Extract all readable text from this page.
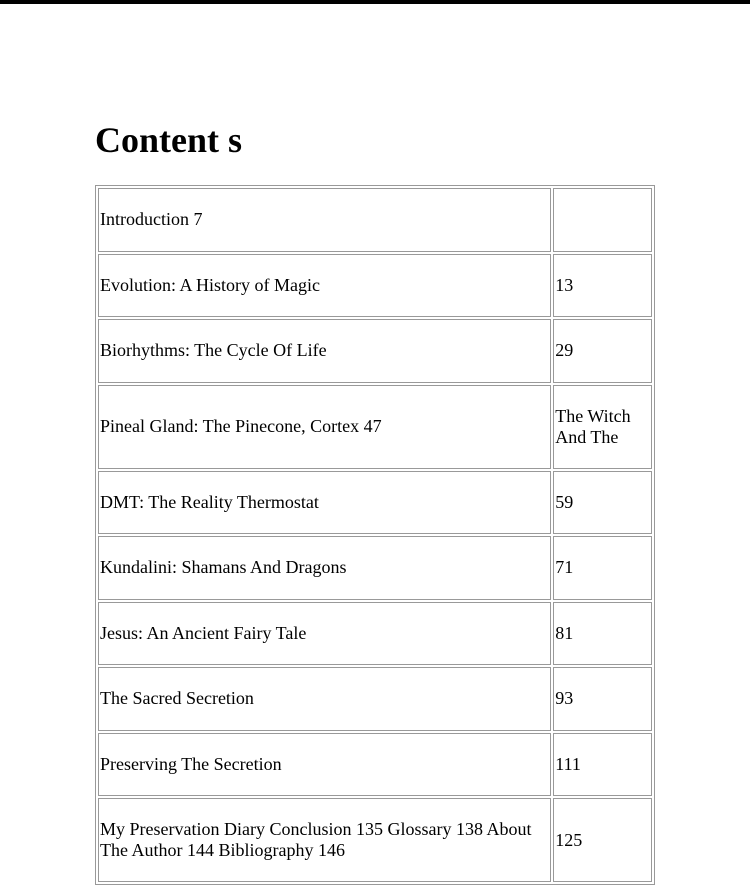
Content s
Introduction 7	
Evolution: A History of Magic	13
Biorhythms: The Cycle Of Life	29
Pineal Gland: The Pinecone, Cortex 47	The Witch And The
DMT: The Reality Thermostat	59
Kundalini: Shamans And Dragons	71
Jesus: An Ancient Fairy Tale	81
The Sacred Secretion	93
Preserving The Secretion	111
My Preservation Diary Conclusion 135 Glossary 138 About The Author 144 Bibliography 146	125
